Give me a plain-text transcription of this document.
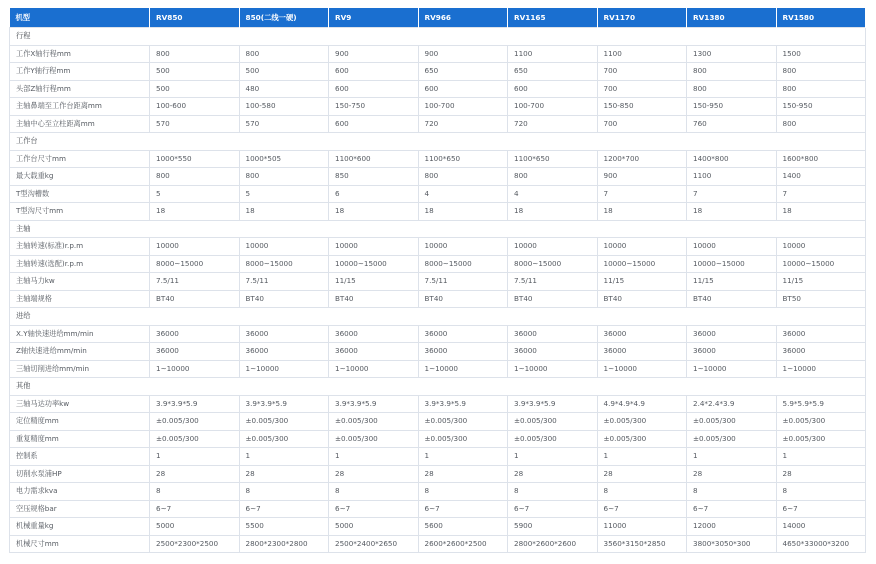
机型	RV850	850(二线一硬)	RV9	RV966	RV1165	RV1170	RV1380	RV1580
行程								
工作X轴行程mm	800	800	900	900	1100	1100	1300	1500
工作Y轴行程mm	500	500	600	650	650	700	800	800
头部Z轴行程mm	500	480	600	600	600	700	800	800
主轴鼻端至工作台距离mm	100-600	100-580	150-750	100-700	100-700	150-850	150-950	150-950
主轴中心至立柱距离mm	570	570	600	720	720	700	760	800
工作台								
工作台尺寸mm	1000*550	1000*505	1100*600	1100*650	1100*650	1200*700	1400*800	1600*800
最大载重kg	800	800	850	800	800	900	1100	1400
T型沟槽数	5	5	6	4	4	7	7	7
T型沟尺寸mm	18	18	18	18	18	18	18	18
主轴								
主轴转速(标准)r.p.m	10000	10000	10000	10000	10000	10000	10000	10000
主轴转速(选配)r.p.m	8000~15000	8000~15000	10000~15000	8000~15000	8000~15000	10000~15000	10000~15000	10000~15000
主轴马力kw	7.5/11	7.5/11	11/15	7.5/11	7.5/11	11/15	11/15	11/15
主轴端规格	BT40	BT40	BT40	BT40	BT40	BT40	BT40	BT50
进给								
X.Y轴快速进给mm/min	36000	36000	36000	36000	36000	36000	36000	36000
Z轴快速进给mm/min	36000	36000	36000	36000	36000	36000	36000	36000
三轴切削进给mm/min	1~10000	1~10000	1~10000	1~10000	1~10000	1~10000	1~10000	1~10000
其他								
三轴马达功率kw	3.9*3.9*5.9	3.9*3.9*5.9	3.9*3.9*5.9	3.9*3.9*5.9	3.9*3.9*5.9	4.9*4.9*4.9	2.4*2.4*3.9	5.9*5.9*5.9
定位精度mm	±0.005/300	±0.005/300	±0.005/300	±0.005/300	±0.005/300	±0.005/300	±0.005/300	±0.005/300
重复精度mm	±0.005/300	±0.005/300	±0.005/300	±0.005/300	±0.005/300	±0.005/300	±0.005/300	±0.005/300
控制系	1	1	1	1	1	1	1	1
切削水泵浦HP	28	28	28	28	28	28	28	28
电力需求kva	8	8	8	8	8	8	8	8
空压规格bar	6~7	6~7	6~7	6~7	6~7	6~7	6~7	6~7
机械重量kg	5000	5500	5000	5600	5900	11000	12000	14000
机械尺寸mm	2500*2300*2500	2800*2300*2800	2500*2400*2650	2600*2600*2500	2800*2600*2600	3560*3150*2850	3800*3050*300	4650*33000*3200
